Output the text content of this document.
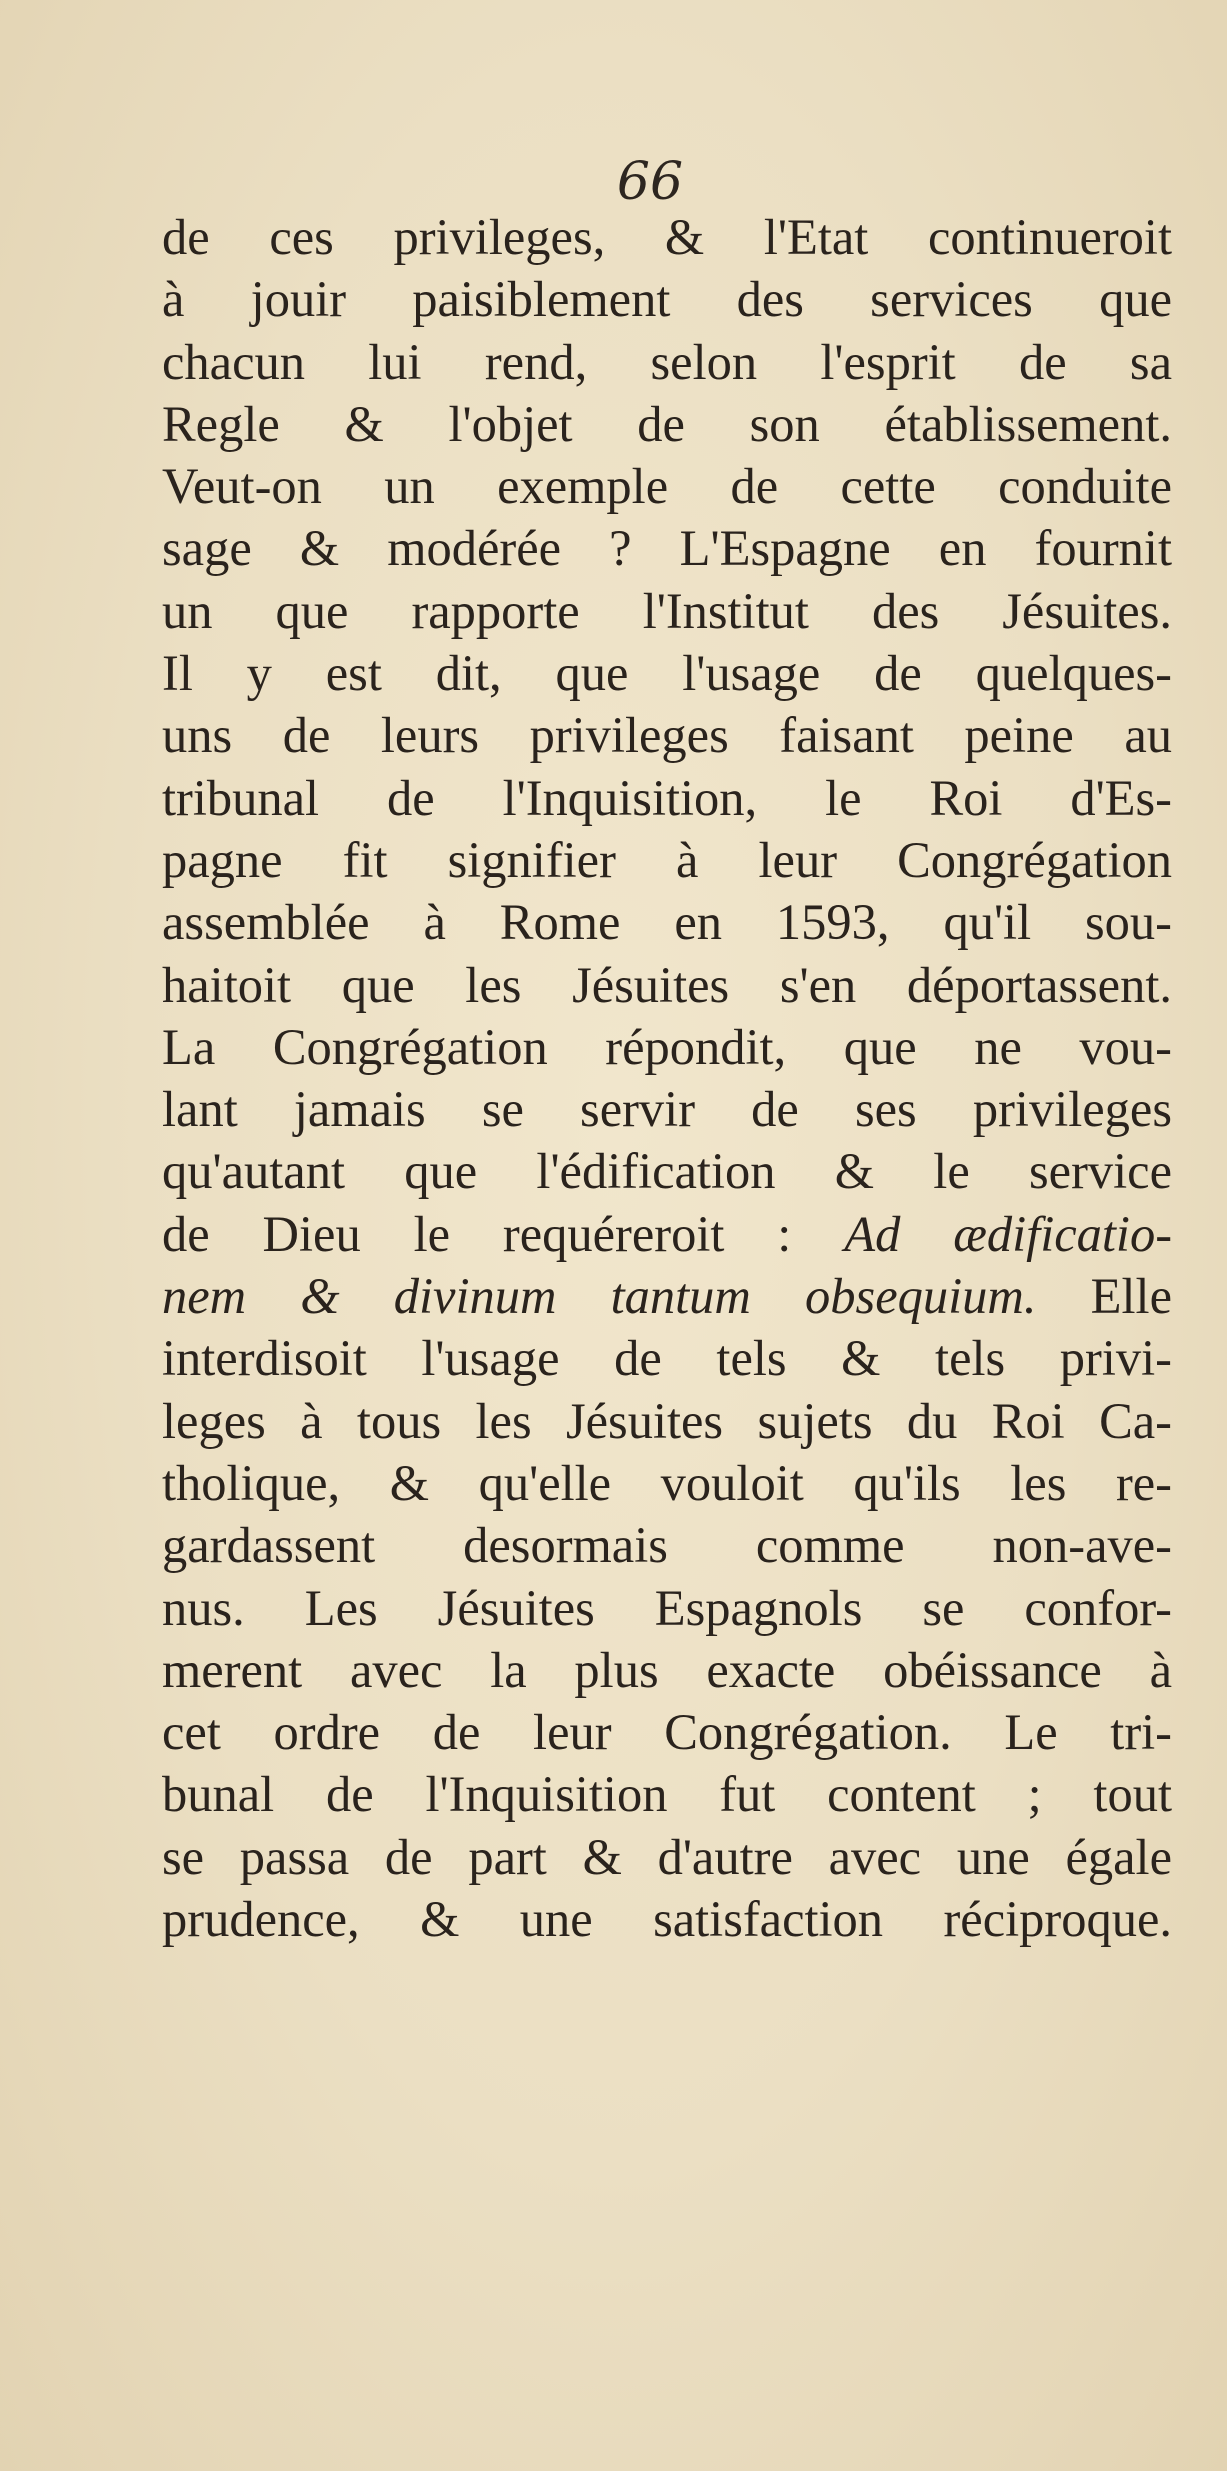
66
de ces privileges, & l'Etat continueroit
à jouir paisiblement des services que
chacun lui rend, selon l'esprit de sa
Regle & l'objet de son établissement.
Veut-on un exemple de cette conduite
sage & modérée ? L'Espagne en fournit
un que rapporte l'Institut des Jésuites.
Il y est dit, que l'usage de quelques-
uns de leurs privileges faisant peine au
tribunal de l'Inquisition, le Roi d'Es-
pagne fit signifier à leur Congrégation
assemblée à Rome en 1593, qu'il sou-
haitoit que les Jésuites s'en déportassent.
La Congrégation répondit, que ne vou-
lant jamais se servir de ses privileges
qu'autant que l'édification & le service
de Dieu le requéreroit : Ad ædificatio-
nem & divinum tantum obsequium. Elle
interdisoit l'usage de tels & tels privi-
leges à tous les Jésuites sujets du Roi Ca-
tholique, & qu'elle vouloit qu'ils les re-
gardassent desormais comme non-ave-
nus. Les Jésuites Espagnols se confor-
merent avec la plus exacte obéissance à
cet ordre de leur Congrégation. Le tri-
bunal de l'Inquisition fut content ; tout
se passa de part & d'autre avec une égale
prudence, & une satisfaction réciproque.
